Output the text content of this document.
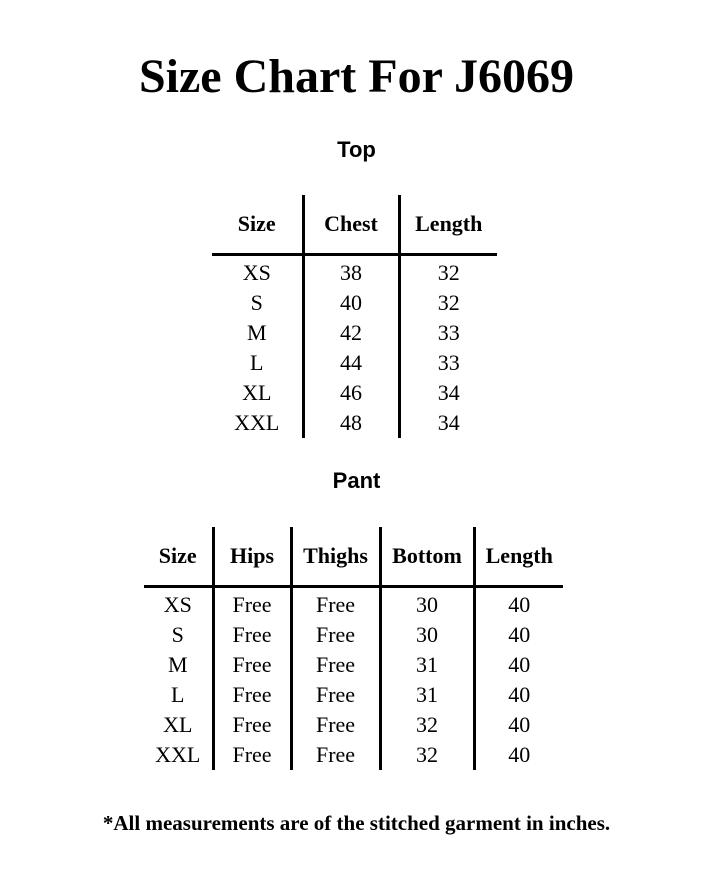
Size Chart For J6069
Top
Size	Chest	Length
XS	38	32
S	40	32
M	42	33
L	44	33
XL	46	34
XXL	48	34
Pant
Size	Hips	Thighs	Bottom	Length
XS	Free	Free	30	40
S	Free	Free	30	40
M	Free	Free	31	40
L	Free	Free	31	40
XL	Free	Free	32	40
XXL	Free	Free	32	40
*All measurements are of the stitched garment in inches.
